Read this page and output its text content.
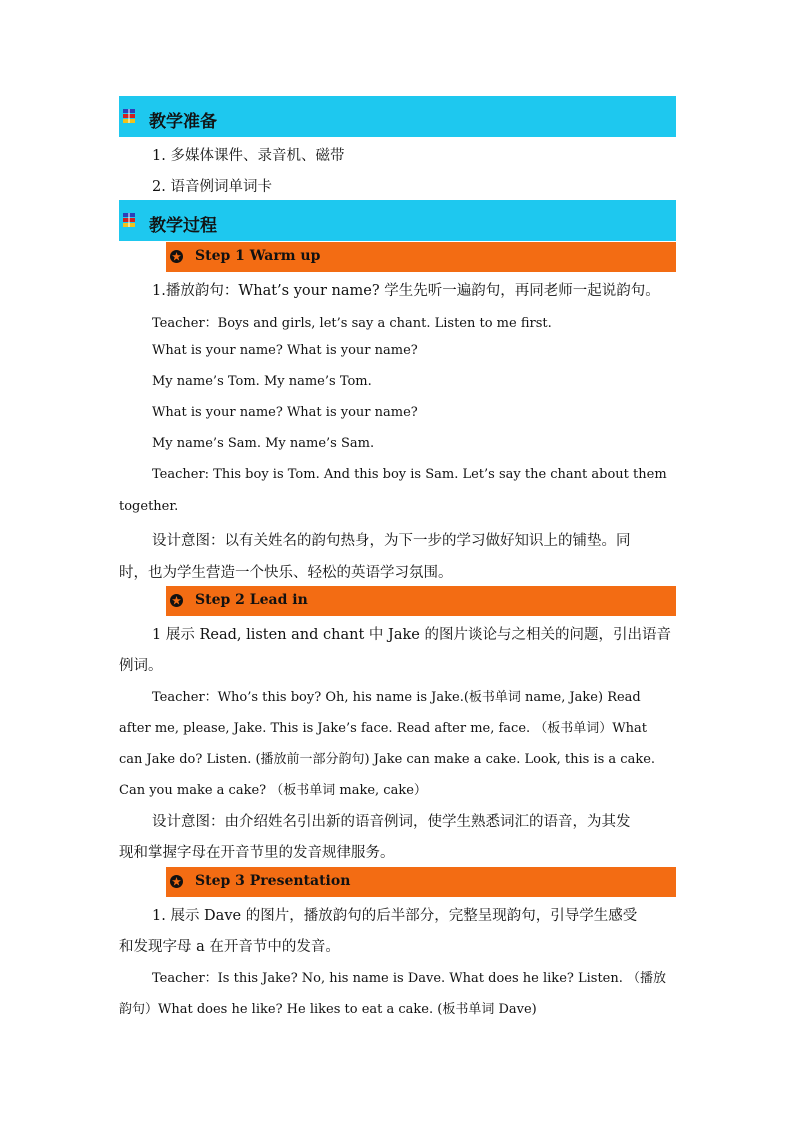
教学准备
1. 多媒体课件、录音机、磁带
2. 语音例词单词卡
教学过程
Step 1 Warm up
1.播放韵句：What’s your name? 学生先听一遍韵句，再同老师一起说韵句。
Teacher：Boys and girls, let’s say a chant. Listen to me first.
What is your name? What is your name?
My name’s Tom. My name’s Tom.
What is your name? What is your name?
My name’s Sam. My name’s Sam.
Teacher: This boy is Tom. And this boy is Sam. Let’s say the chant about them
together.
设计意图：以有关姓名的韵句热身，为下一步的学习做好知识上的铺垫。同
时，也为学生营造一个快乐、轻松的英语学习氛围。
Step 2 Lead in
1 展示 Read, listen and chant 中 Jake 的图片谈论与之相关的问题，引出语音
例词。
Teacher：Who’s this boy? Oh, his name is Jake.(板书单词 name, Jake) Read
after me, please, Jake. This is Jake’s face. Read after me, face. （板书单词）What
can Jake do? Listen. (播放前一部分韵句) Jake can make a cake. Look, this is a cake.
Can you make a cake? （板书单词 make, cake）
设计意图：由介绍姓名引出新的语音例词，使学生熟悉词汇的语音，为其发
现和掌握字母在开音节里的发音规律服务。
Step 3 Presentation
1. 展示 Dave 的图片，播放韵句的后半部分，完整呈现韵句，引导学生感受
和发现字母 a 在开音节中的发音。
Teacher：Is this Jake? No, his name is Dave. What does he like? Listen. （播放
韵句）What does he like? He likes to eat a cake. (板书单词 Dave)
